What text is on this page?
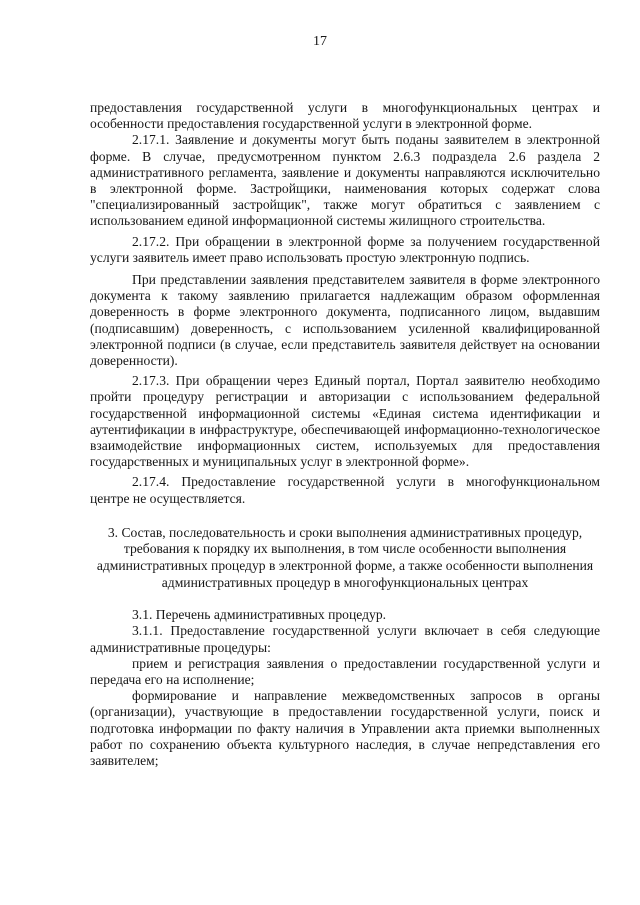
17

предоставления государственной услуги в многофункциональных центрах и особенности предоставления государственной услуги в электронной форме.

2.17.1. Заявление и документы могут быть поданы заявителем в электронной форме. В случае, предусмотренном пунктом 2.6.3 подраздела 2.6 раздела 2 административного регламента, заявление и документы направляются исключительно в электронной форме. Застройщики, наименования которых содержат слова "специализированный застройщик", также могут обратиться с заявлением с использованием единой информационной системы жилищного строительства.

2.17.2. При обращении в электронной форме за получением государственной услуги заявитель имеет право использовать простую электронную подпись.

При представлении заявления представителем заявителя в форме электронного документа к такому заявлению прилагается надлежащим образом оформленная доверенность в форме электронного документа, подписанного лицом, выдавшим (подписавшим) доверенность, с использованием усиленной квалифицированной электронной подписи (в случае, если представитель заявителя действует на основании доверенности).

2.17.3. При обращении через Единый портал, Портал заявителю необходимо пройти процедуру регистрации и авторизации с использованием федеральной государственной информационной системы «Единая система идентификации и аутентификации в инфраструктуре, обеспечивающей информационно-технологическое взаимодействие информационных систем, используемых для предоставления государственных и муниципальных услуг в электронной форме».

2.17.4. Предоставление государственной услуги в многофункциональном центре не осуществляется.

3. Состав, последовательность и сроки выполнения административных процедур, требования к порядку их выполнения, в том числе особенности выполнения административных процедур в электронной форме, а также особенности выполнения административных процедур в многофункциональных центрах

3.1. Перечень административных процедур.

3.1.1. Предоставление государственной услуги включает в себя следующие административные процедуры:

прием и регистрация заявления о предоставлении государственной услуги и передача его на исполнение;

формирование и направление межведомственных запросов в органы (организации), участвующие в предоставлении государственной услуги, поиск и подготовка информации по факту наличия в Управлении акта приемки выполненных работ по сохранению объекта культурного наследия, в случае непредставления его заявителем;
